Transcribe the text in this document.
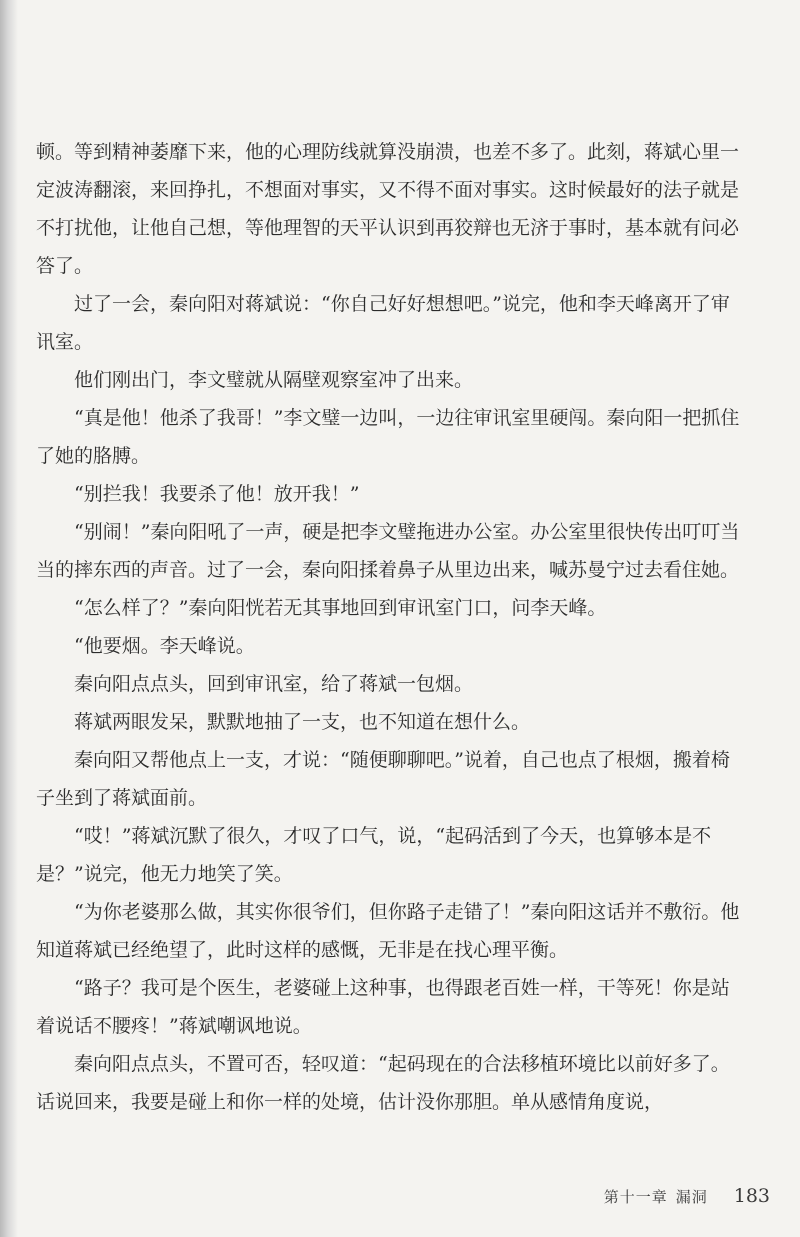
顿。等到精神萎靡下来，他的心理防线就算没崩溃，也差不多了。此刻，蒋斌心里一定波涛翻滚，来回挣扎，不想面对事实，又不得不面对事实。这时候最好的法子就是不打扰他，让他自己想，等他理智的天平认识到再狡辩也无济于事时，基本就有问必答了。

过了一会，秦向阳对蒋斌说：“你自己好好想想吧。”说完，他和李天峰离开了审讯室。

他们刚出门，李文璧就从隔壁观察室冲了出来。

“真是他！他杀了我哥！”李文璧一边叫，一边往审讯室里硬闯。秦向阳一把抓住了她的胳膊。

“别拦我！我要杀了他！放开我！”

“别闹！”秦向阳吼了一声，硬是把李文璧拖进办公室。办公室里很快传出叮叮当当的摔东西的声音。过了一会，秦向阳揉着鼻子从里边出来，喊苏曼宁过去看住她。

“怎么样了？”秦向阳恍若无其事地回到审讯室门口，问李天峰。

“他要烟。李天峰说。

秦向阳点点头，回到审讯室，给了蒋斌一包烟。

蒋斌两眼发呆，默默地抽了一支，也不知道在想什么。

秦向阳又帮他点上一支，才说：“随便聊聊吧。”说着，自己也点了根烟，搬着椅子坐到了蒋斌面前。

“哎！”蒋斌沉默了很久，才叹了口气，说，“起码活到了今天，也算够本是不是？”说完，他无力地笑了笑。

“为你老婆那么做，其实你很爷们，但你路子走错了！”秦向阳这话并不敷衍。他知道蒋斌已经绝望了，此时这样的感慨，无非是在找心理平衡。

“路子？我可是个医生，老婆碰上这种事，也得跟老百姓一样，干等死！你是站着说话不腰疼！”蒋斌嘲讽地说。

秦向阳点点头，不置可否，轻叹道：“起码现在的合法移植环境比以前好多了。话说回来，我要是碰上和你一样的处境，估计没你那胆。单从感情角度说，

第十一章 漏洞 183
